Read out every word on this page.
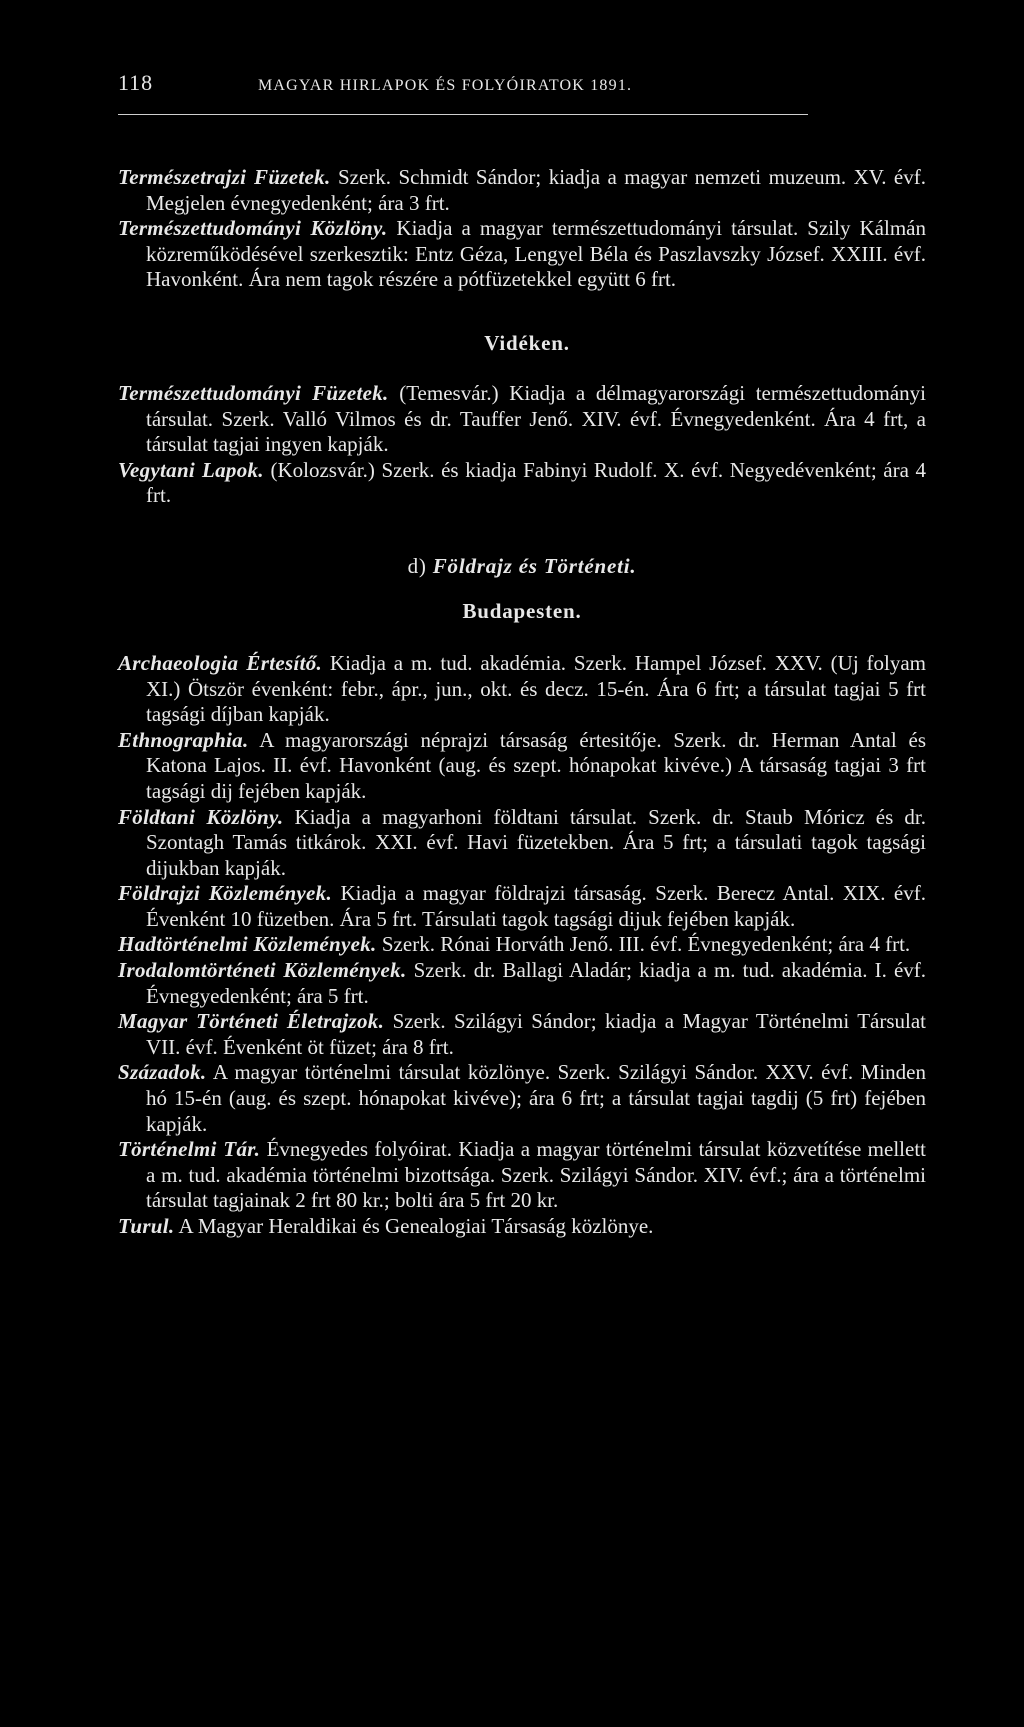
118	MAGYAR HIRLAPOK ÉS FOLYÓIRATOK 1891.

Természetrajzi Füzetek. Szerk. Schmidt Sándor; kiadja a magyar nemzeti muzeum. XV. évf. Megjelen évnegyedenként; ára 3 frt.

Természettudományi Közlöny. Kiadja a magyar természettudományi társulat. Szily Kálmán közreműködésével szerkesztik: Entz Géza, Lengyel Béla és Paszlavszky József. XXIII. évf. Havonként. Ára nem tagok részére a pótfüzetekkel együtt 6 frt.

Vidéken.

Természettudományi Füzetek. (Temesvár.) Kiadja a délmagyarországi természettudományi társulat. Szerk. Valló Vilmos és dr. Tauffer Jenő. XIV. évf. Évnegyedenként. Ára 4 frt, a társulat tagjai ingyen kapják.

Vegytani Lapok. (Kolozsvár.) Szerk. és kiadja Fabinyi Rudolf. X. évf. Negyedévenként; ára 4 frt.

d) Földrajz és Történeti.

Budapesten.

Archaeologia Értesítő. Kiadja a m. tud. akadémia. Szerk. Hampel József. XXV. (Uj folyam XI.) Ötször évenként: febr., ápr., jun., okt. és decz. 15-én. Ára 6 frt; a társulat tagjai 5 frt tagsági díjban kapják.

Ethnographia. A magyarországi néprajzi társaság értesitője. Szerk. dr. Herman Antal és Katona Lajos. II. évf. Havonként (aug. és szept. hónapokat kivéve.) A társaság tagjai 3 frt tagsági dij fejében kapják.

Földtani Közlöny. Kiadja a magyarhoni földtani társulat. Szerk. dr. Staub Móricz és dr. Szontagh Tamás titkárok. XXI. évf. Havi füzetekben. Ára 5 frt; a társulati tagok tagsági dijukban kapják.

Földrajzi Közlemények. Kiadja a magyar földrajzi társaság. Szerk. Berecz Antal. XIX. évf. Évenként 10 füzetben. Ára 5 frt. Társulati tagok tagsági dijuk fejében kapják.

Hadtörténelmi Közlemények. Szerk. Rónai Horváth Jenő. III. évf. Évnegyedenként; ára 4 frt.

Irodalomtörténeti Közlemények. Szerk. dr. Ballagi Aladár; kiadja a m. tud. akadémia. I. évf. Évnegyedenként; ára 5 frt.

Magyar Történeti Életrajzok. Szerk. Szilágyi Sándor; kiadja a Magyar Történelmi Társulat VII. évf. Évenként öt füzet; ára 8 frt.

Századok. A magyar történelmi társulat közlönye. Szerk. Szilágyi Sándor. XXV. évf. Minden hó 15-én (aug. és szept. hónapokat kivéve); ára 6 frt; a társulat tagjai tagdij (5 frt) fejében kapják.

Történelmi Tár. Évnegyedes folyóirat. Kiadja a magyar történelmi társulat közvetítése mellett a m. tud. akadémia történelmi bizottsága. Szerk. Szilágyi Sándor. XIV. évf.; ára a történelmi társulat tagjainak 2 frt 80 kr.; bolti ára 5 frt 20 kr.

Turul. A Magyar Heraldikai és Genealogiai Társaság közlönye.
